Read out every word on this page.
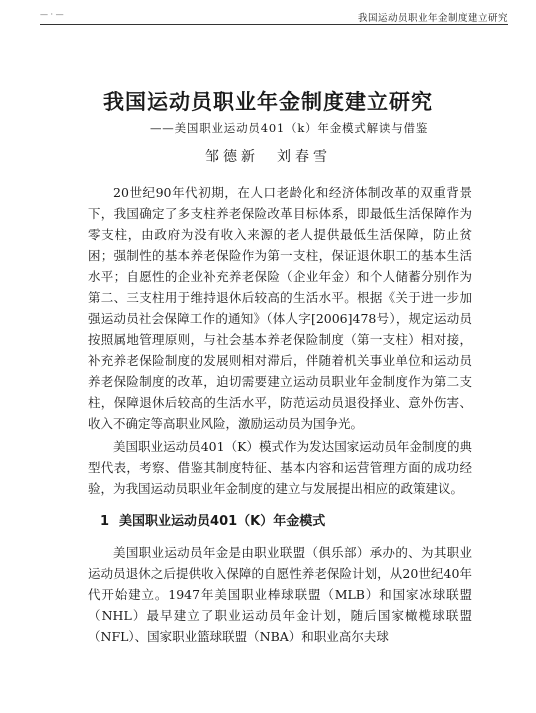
— · —	我国运动员职业年金制度建立研究
我国运动员职业年金制度建立研究
——美国职业运动员401（k）年金模式解读与借鉴
邹德新　刘春雪

20世纪90年代初期，在人口老龄化和经济体制改革的双重背景下，我国确定了多支柱养老保险改革目标体系，即最低生活保障作为零支柱，由政府为没有收入来源的老人提供最低生活保障，防止贫困；强制性的基本养老保险作为第一支柱，保证退休职工的基本生活水平；自愿性的企业补充养老保险（企业年金）和个人储蓄分别作为第二、三支柱用于维持退休后较高的生活水平。根据《关于进一步加强运动员社会保障工作的通知》（体人字[2006]478号），规定运动员按照属地管理原则，与社会基本养老保险制度（第一支柱）相对接，补充养老保险制度的发展则相对滞后，伴随着机关事业单位和运动员养老保险制度的改革，迫切需要建立运动员职业年金制度作为第二支柱，保障退休后较高的生活水平，防范运动员退役择业、意外伤害、收入不确定等高职业风险，激励运动员为国争光。

美国职业运动员401（K）模式作为发达国家运动员年金制度的典型代表，考察、借鉴其制度特征、基本内容和运营管理方面的成功经验，为我国运动员职业年金制度的建立与发展提出相应的政策建议。

1 美国职业运动员401（K）年金模式

美国职业运动员年金是由职业联盟（俱乐部）承办的、为其职业运动员退休之后提供收入保障的自愿性养老保险计划，从20世纪40年代开始建立。1947年美国职业棒球联盟（MLB）和国家冰球联盟（NHL）最早建立了职业运动员年金计划，随后国家橄榄球联盟（NFL）、国家职业篮球联盟（NBA）和职业高尔夫球
